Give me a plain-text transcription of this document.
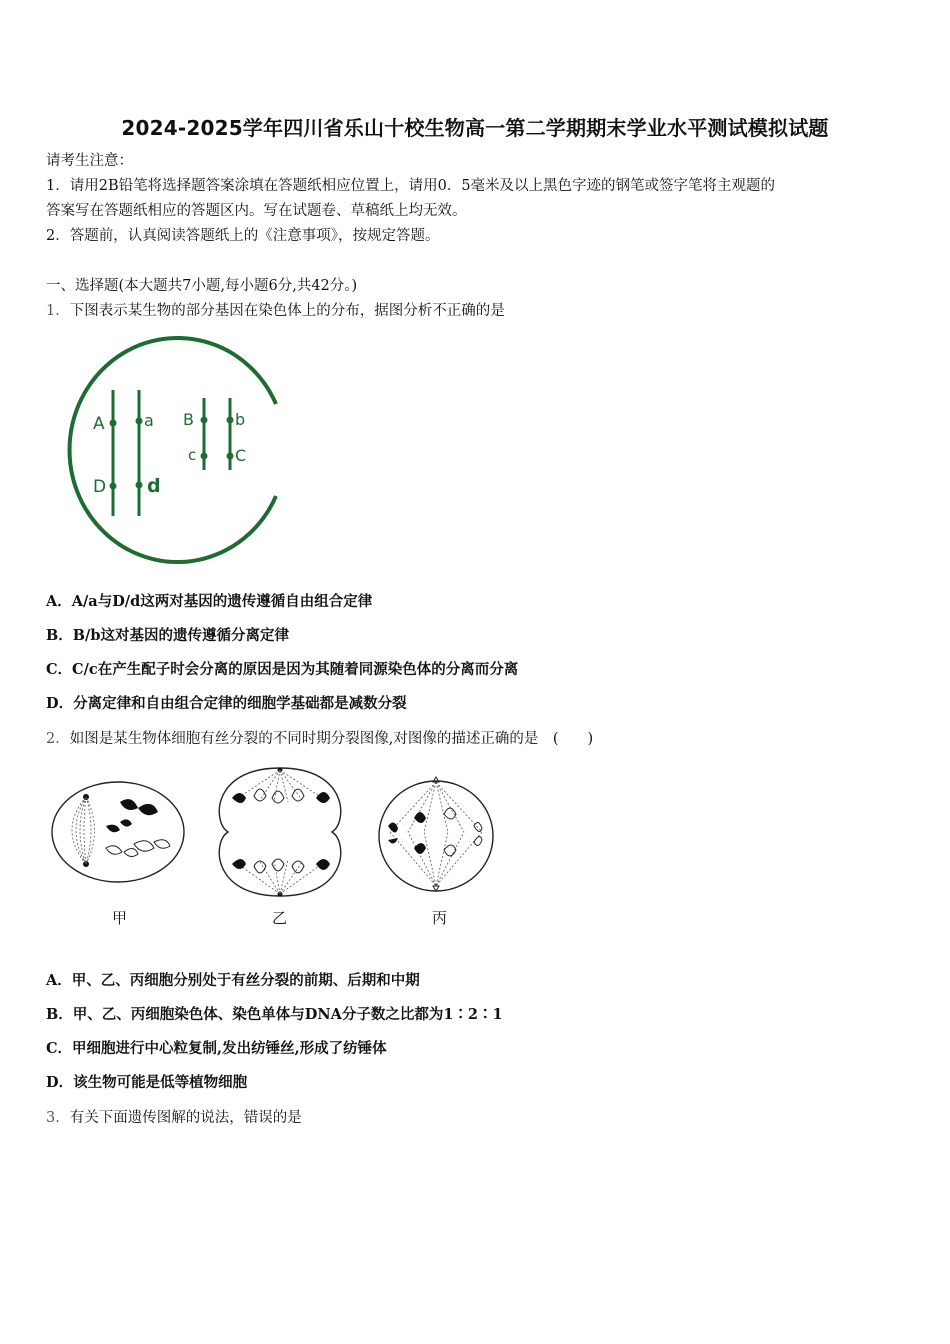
2024-2025学年四川省乐山十校生物高一第二学期期末学业水平测试模拟试题
请考生注意：
1．请用2B铅笔将选择题答案涂填在答题纸相应位置上，请用0．5毫米及以上黑色字迹的钢笔或签字笔将主观题的
答案写在答题纸相应的答题区内。写在试题卷、草稿纸上均无效。
2．答题前，认真阅读答题纸上的《注意事项》，按规定答题。
一、选择题(本大题共7小题,每小题6分,共42分。)
1．下图表示某生物的部分基因在染色体上的分布，据图分析不正确的是
A a
D d
B	b
c C
A．A/a与D/d这两对基因的遗传遵循自由组合定律
B．B/b这对基因的遗传遵循分离定律
C．C/c在产生配子时会分离的原因是因为其随着同源染色体的分离而分离
D．分离定律和自由组合定律的细胞学基础都是减数分裂
2．如图是某生物体细胞有丝分裂的不同时期分裂图像,对图像的描述正确的是　(　　)
甲	乙	丙
A．甲、乙、丙细胞分别处于有丝分裂的前期、后期和中期
B．甲、乙、丙细胞染色体、染色单体与DNA分子数之比都为1∶2∶1
C．甲细胞进行中心粒复制,发出纺锤丝,形成了纺锤体
D．该生物可能是低等植物细胞
3．有关下面遗传图解的说法，错误的是
